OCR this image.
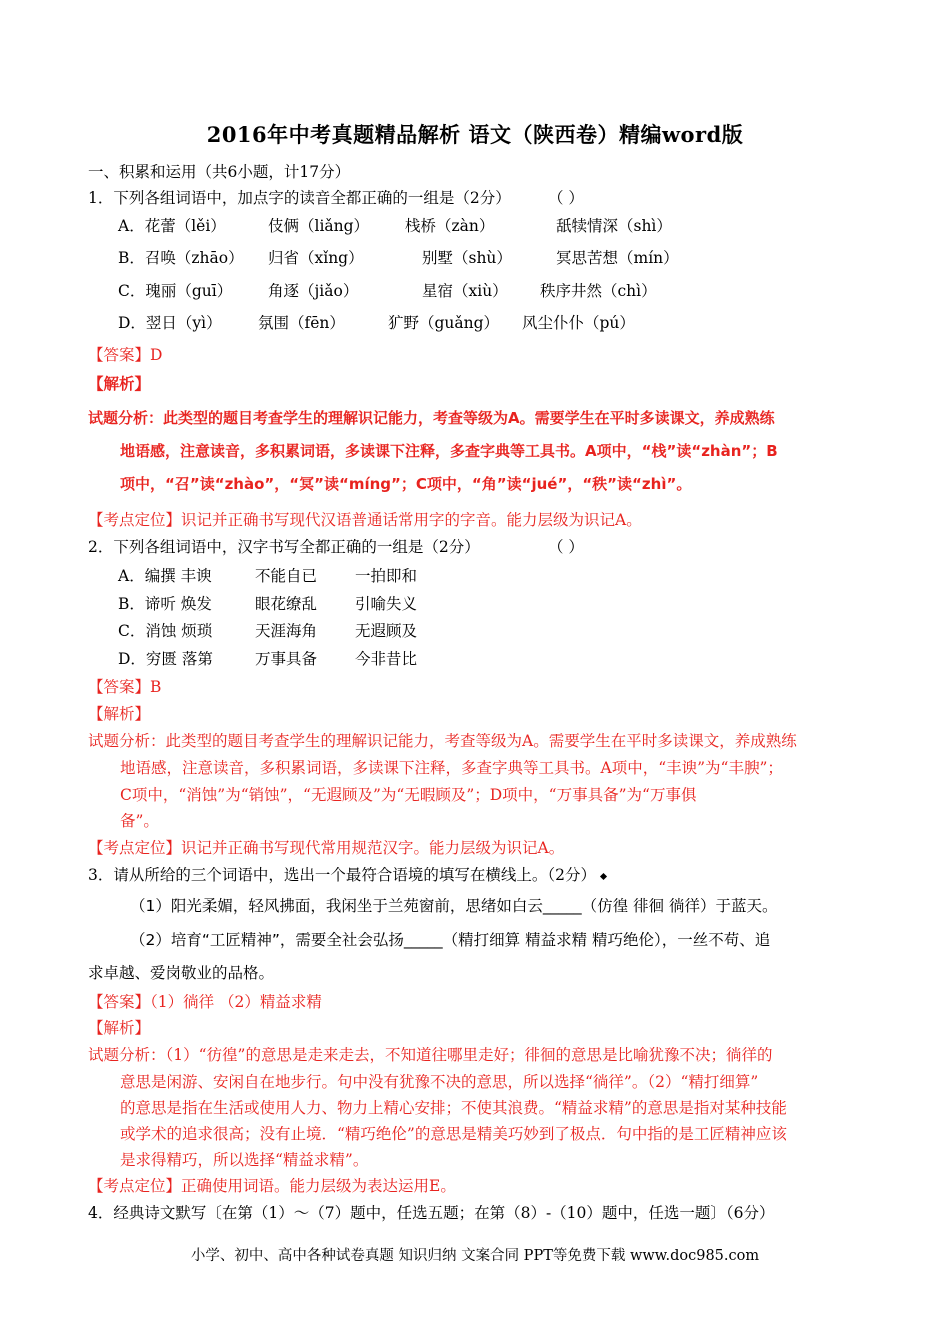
2016年中考真题精品解析 语文（陕西卷）精编word版
一、积累和运用（共6小题，计17分）
1．下列各组词语中，加点字的读音全都正确的一组是（2分） （ ）
A．花蕾（lěi）	伎俩（liǎng） 栈桥（zàn）	舐犊情深（shì）
B．召唤（zhāo） 归省（xǐng）	别墅（shù）	冥思苦想（mín）
C．瑰丽（guī） 角逐（jiǎo）	星宿（xiù） 秩序井然（chì）
D．翌日（yì） 氛围（fēn）	犷野（guǎng） 风尘仆仆（pú）
【答案】D
【解析】
试题分析：此类型的题目考查学生的理解识记能力，考查等级为A。需要学生在平时多读课文，养成熟练
地语感，注意读音，多积累词语，多读课下注释，多查字典等工具书。A项中，“栈”读“zhàn”；B
项中，“召”读“zhào”，“冥”读“míng”；C项中，“角”读“jué”，“秩”读“zhì”。
【考点定位】识记并正确书写现代汉语普通话常用字的字音。能力层级为识记A。
2．下列各组词语中，汉字书写全都正确的一组是（2分）	（ ）
A．编撰 丰谀	不能自已 一拍即和
B．谛听 焕发	眼花缭乱 引喻失义
C．消蚀 烦琐	天涯海角 无遐顾及
D．穷匮 落第	万事具备 今非昔比
【答案】B
【解析】
试题分析：此类型的题目考查学生的理解识记能力，考查等级为A。需要学生在平时多读课文，养成熟练
地语感，注意读音，多积累词语，多读课下注释，多查字典等工具书。A项中，“丰谀”为“丰腴”；
C项中，“消蚀”为“销蚀”，“无遐顾及”为“无暇顾及”；D项中，“万事具备”为“万事俱
备”。
【考点定位】识记并正确书写现代常用规范汉字。能力层级为识记A。
3．请从所给的三个词语中，选出一个最符合语境的填写在横线上。（2分）
（1）阳光柔媚，轻风拂面，我闲坐于兰苑窗前，思绪如白云_____（仿徨 徘徊 徜徉）于蓝天。
（2）培育“工匠精神”，需要全社会弘扬_____（精打细算 精益求精 精巧绝伦），一丝不苟、追
求卓越、爱岗敬业的品格。
【答案】（1）徜徉 （2）精益求精
【解析】
试题分析：（1）“彷徨”的意思是走来走去，不知道往哪里走好；徘徊的意思是比喻犹豫不决；徜徉的
意思是闲游、安闲自在地步行。句中没有犹豫不决的意思，所以选择“徜徉”。（2）“精打细算”
的意思是指在生活或使用人力、物力上精心安排；不使其浪费。“精益求精”的意思是指对某种技能
或学术的追求很高；没有止境．“精巧绝伦”的意思是精美巧妙到了极点．句中指的是工匠精神应该
是求得精巧，所以选择“精益求精”。
【考点定位】正确使用词语。能力层级为表达运用E。
4．经典诗文默写〔在第（1）～（7）题中，任选五题；在第（8）-（10）题中，任选一题〕（6分）
小学、初中、高中各种试卷真题 知识归纳 文案合同 PPT等免费下载 www.doc985.com
